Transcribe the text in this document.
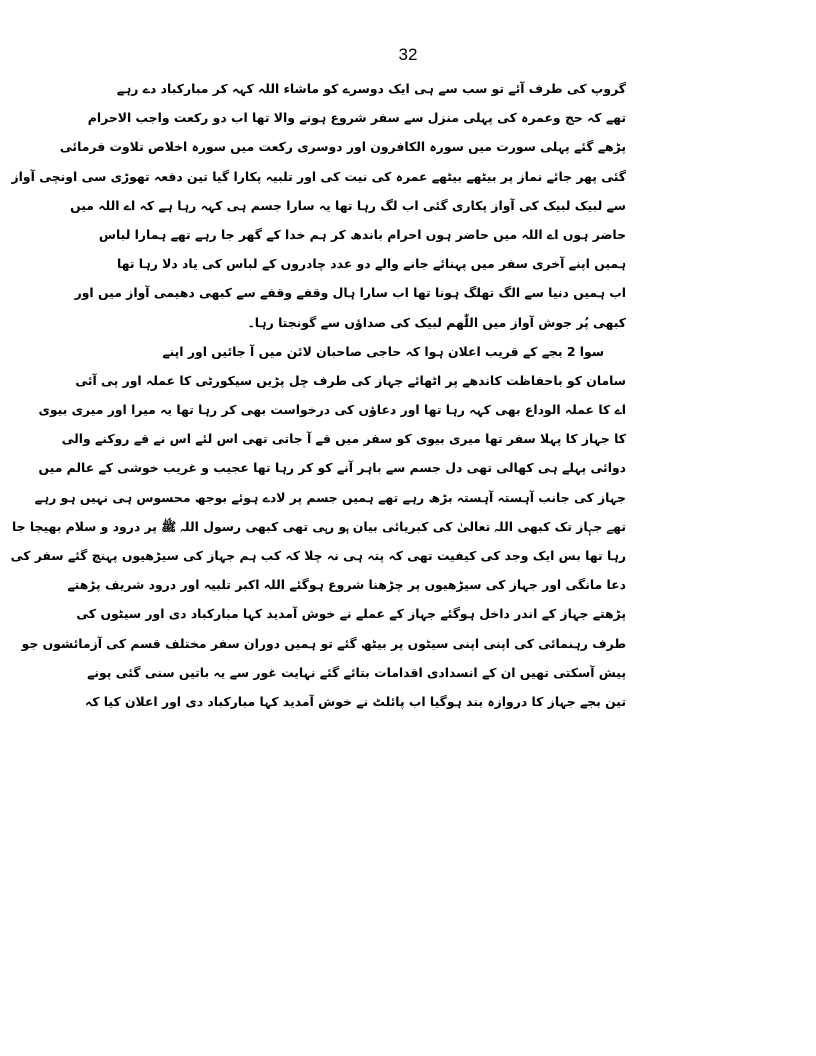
32
گروپ کی طرف آئے تو سب سے ہی ایک دوسرے کو ماشاء اللہ کہہ کر مبارکباد دے رہے
تھے کہ حج وعمرہ کی پہلی منزل سے سفر شروع ہونے والا تھا اب دو رکعت واجب الاحرام
پڑھے گئے پہلی سورت میں سورہ الکافرون اور دوسری رکعت میں سورہ اخلاص تلاوت فرمائی
گئی پھر جائے نماز پر بیٹھے بیٹھے عمرہ کی نیت کی اور تلبیہ پکارا گیا تین دفعہ تھوڑی سی اونچی آواز
سے لبیک لبیک کی آواز پکاری گئی اب لگ رہا تھا یہ سارا جسم ہی کہہ رہا ہے کہ اے اللہ میں
حاضر ہوں اے اللہ میں حاضر ہوں احرام باندھ کر ہم خدا کے گھر جا رہے تھے ہمارا لباس
ہمیں اپنے آخری سفر میں پہنائے جانے والے دو عدد چادروں کے لباس کی یاد دلا رہا تھا
اب ہمیں دنیا سے الگ تھلگ ہونا تھا اب سارا ہال وقفے وقفے سے کبھی دھیمی آواز میں اور
کبھی پُر جوش آواز میں اللّٰھم لبیک کی صداؤں سے گونجتا رہا۔
سوا 2 بجے کے قریب اعلان ہوا کہ حاجی صاحبان لائن میں آ جائیں اور اپنے
سامان کو باحفاظت کاندھے پر اٹھائے جہاز کی طرف چل پڑیں سیکورٹی کا عملہ اور پی آئی
اے کا عملہ الوداع بھی کہہ رہا تھا اور دعاؤں کی درخواست بھی کر رہا تھا یہ میرا اور میری بیوی
کا جہاز کا پہلا سفر تھا میری بیوی کو سفر میں قے آ جاتی تھی اس لئے اس نے قے روکنے والی
دوائی پہلے ہی کھالی تھی دل جسم سے باہر آنے کو کر رہا تھا عجیب و غریب خوشی کے عالم میں
جہاز کی جانب آہستہ آہستہ بڑھ رہے تھے ہمیں جسم پر لادے ہوئے بوجھ محسوس ہی نہیں ہو رہے
تھے جہاز تک کبھی اللہ تعالیٰ کی کبریائی بیان ہو رہی تھی کبھی رسول اللہ ﷺ پر درود و سلام بھیجا جا
رہا تھا بس ایک وجد کی کیفیت تھی کہ پتہ ہی نہ چلا کہ کب ہم جہاز کی سیڑھیوں پہنچ گئے سفر کی
دعا مانگی اور جہاز کی سیڑھیوں پر چڑھنا شروع ہوگئے اللہ اکبر تلبیہ اور درود شریف پڑھتے
پڑھتے جہاز کے اندر داخل ہوگئے جہاز کے عملے نے خوش آمدید کہا مبارکباد دی اور سیٹوں کی
طرف رہنمائی کی اپنی اپنی سیٹوں پر بیٹھ گئے تو ہمیں دوران سفر مختلف قسم کی آزمائشوں جو
پیش آسکتی تھیں ان کے انسدادی اقدامات بتائے گئے نہایت غور سے یہ باتیں سنی گئی پونے
تین بجے جہاز کا دروازہ بند ہوگیا اب پائلٹ نے خوش آمدید کہا مبارکباد دی اور اعلان کیا کہ
